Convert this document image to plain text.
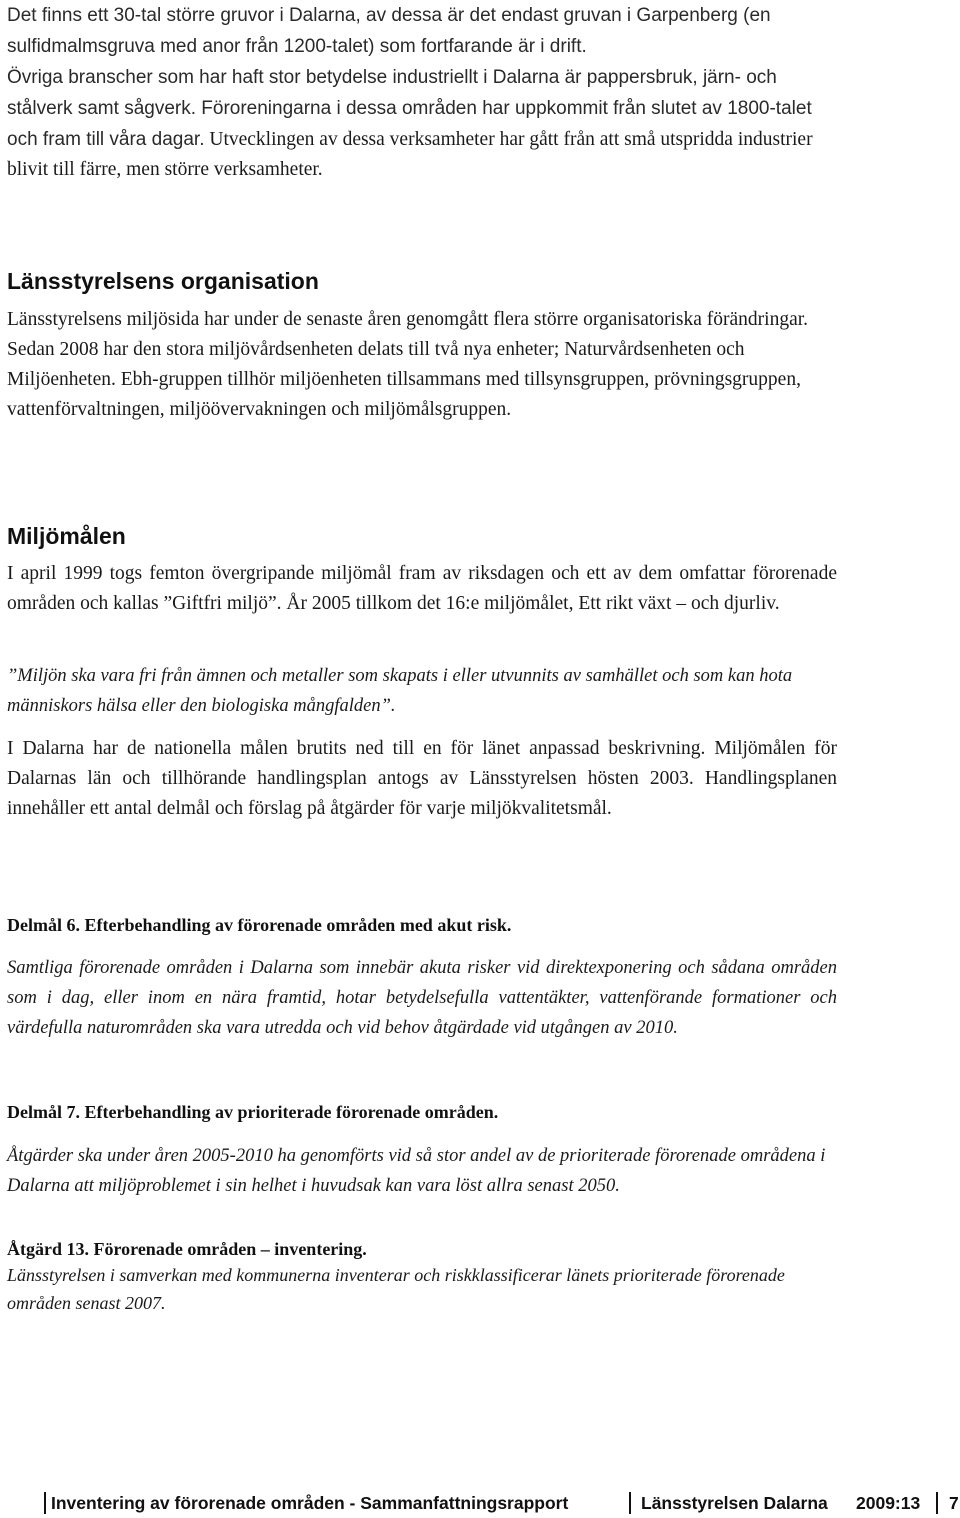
Det finns ett 30-tal större gruvor i Dalarna, av dessa är det endast gruvan i Garpenberg (en sulfidmalmsgruva med anor från 1200-talet) som fortfarande är i drift.

Övriga branscher som har haft stor betydelse industriellt i Dalarna är pappersbruk, järn- och stålverk samt sågverk. Föroreningarna i dessa områden har uppkommit från slutet av 1800-talet och fram till våra dagar. Utvecklingen av dessa verksamheter har gått från att små utspridda industrier blivit till färre, men större verksamheter.

Länsstyrelsens organisation

Länsstyrelsens miljösida har under de senaste åren genomgått flera större organisatoriska förändringar. Sedan 2008 har den stora miljövårdsenheten delats till två nya enheter; Naturvårdsenheten och Miljöenheten. Ebh-gruppen tillhör miljöenheten tillsammans med tillsynsgruppen, prövningsgruppen, vattenförvaltningen, miljöövervakningen och miljömålsgruppen.

Miljömålen

I april 1999 togs femton övergripande miljömål fram av riksdagen och ett av dem omfattar förorenade områden och kallas ”Giftfri miljö”. År 2005 tillkom det 16:e miljömålet, Ett rikt växt – och djurliv.

”Miljön ska vara fri från ämnen och metaller som skapats i eller utvunnits av samhället och som kan hota människors hälsa eller den biologiska mångfalden”.

I Dalarna har de nationella målen brutits ned till en för länet anpassad beskrivning. Miljömålen för Dalarnas län och tillhörande handlingsplan antogs av Länsstyrelsen hösten 2003. Handlingsplanen innehåller ett antal delmål och förslag på åtgärder för varje miljökvalitetsmål.

Delmål 6. Efterbehandling av förorenade områden med akut risk.

Samtliga förorenade områden i Dalarna som innebär akuta risker vid direktexponering och sådana områden som i dag, eller inom en nära framtid, hotar betydelsefulla vattentäkter, vattenförande formationer och värdefulla naturområden ska vara utredda och vid behov åtgärdade vid utgången av 2010.

Delmål 7. Efterbehandling av prioriterade förorenade områden.

Åtgärder ska under åren 2005-2010 ha genomförts vid så stor andel av de prioriterade förorenade områdena i Dalarna att miljöproblemet i sin helhet i huvudsak kan vara löst allra senast 2050.

Åtgärd 13. Förorenade områden – inventering.

Länsstyrelsen i samverkan med kommunerna inventerar och riskklassificerar länets prioriterade förorenade områden senast 2007.

Inventering av förorenade områden - Sammanfattningsrapport	Länsstyrelsen Dalarna 2009:13 7
